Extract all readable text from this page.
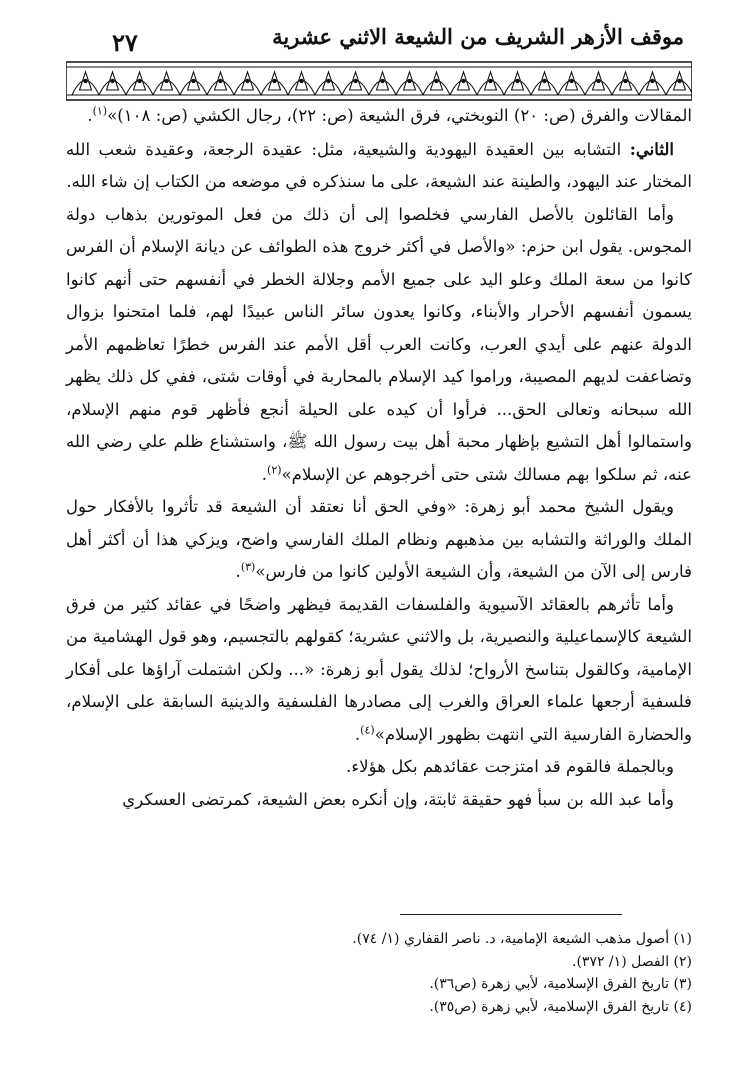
٢٧	موقف الأزهر الشريف من الشيعة الاثني عشرية

المقالات والفرق (ص: ٢٠) النوبختي، فرق الشيعة (ص: ٢٢)، رجال الكشي (ص: ١٠٨)»$^{(١)}$.

الثاني: التشابه بين العقيدة اليهودية والشيعية، مثل: عقيدة الرجعة، وعقيدة شعب الله المختار عند اليهود، والطينة عند الشيعة، على ما سنذكره في موضعه من الكتاب إن شاء الله.

وأما القائلون بالأصل الفارسي فخلصوا إلى أن ذلك من فعل الموتورين بذهاب دولة المجوس. يقول ابن حزم: «والأصل في أكثر خروج هذه الطوائف عن ديانة الإسلام أن الفرس كانوا من سعة الملك وعلو اليد على جميع الأمم وجلالة الخطر في أنفسهم حتى أنهم كانوا يسمون أنفسهم الأحرار والأبناء، وكانوا يعدون سائر الناس عبيدًا لهم، فلما امتحنوا بزوال الدولة عنهم على أيدي العرب، وكانت العرب أقل الأمم عند الفرس خطرًا تعاظمهم الأمر وتضاعفت لديهم المصيبة، وراموا كيد الإسلام بالمحاربة في أوقات شتى، ففي كل ذلك يظهر الله سبحانه وتعالى الحق... فرأوا أن كيده على الحيلة أنجع فأظهر قوم منهم الإسلام، واستمالوا أهل التشيع بإظهار محبة أهل بيت رسول الله ﷺ، واستشناع ظلم علي رضي الله عنه، ثم سلكوا بهم مسالك شتى حتى أخرجوهم عن الإسلام»$^{(٢)}$.

ويقول الشيخ محمد أبو زهرة: «وفي الحق أنا نعتقد أن الشيعة قد تأثروا بالأفكار حول الملك والوراثة والتشابه بين مذهبهم ونظام الملك الفارسي واضح، ويزكي هذا أن أكثر أهل فارس إلى الآن من الشيعة، وأن الشيعة الأولين كانوا من فارس»$^{(٣)}$.

وأما تأثرهم بالعقائد الآسيوية والفلسفات القديمة فيظهر واضحًا في عقائد كثير من فرق الشيعة كالإسماعيلية والنصيرية، بل والاثني عشرية؛ كقولهم بالتجسيم، وهو قول الهشامية من الإمامية، وكالقول بتناسخ الأرواح؛ لذلك يقول أبو زهرة: «... ولكن اشتملت آراؤها على أفكار فلسفية أرجعها علماء العراق والغرب إلى مصادرها الفلسفية والدينية السابقة على الإسلام، والحضارة الفارسية التي انتهت بظهور الإسلام»$^{(٤)}$.

وبالجملة فالقوم قد امتزجت عقائدهم بكل هؤلاء.

وأما عبد الله بن سبأ فهو حقيقة ثابتة، وإن أنكره بعض الشيعة، كمرتضى العسكري

(١) أصول مذهب الشيعة الإمامية، د. ناصر القفاري (١/ ٧٤).
(٢) الفصل (١/ ٣٧٢).
(٣) تاريخ الفرق الإسلامية، لأبي زهرة (ص٣٦).
(٤) تاريخ الفرق الإسلامية، لأبي زهرة (ص٣٥).
